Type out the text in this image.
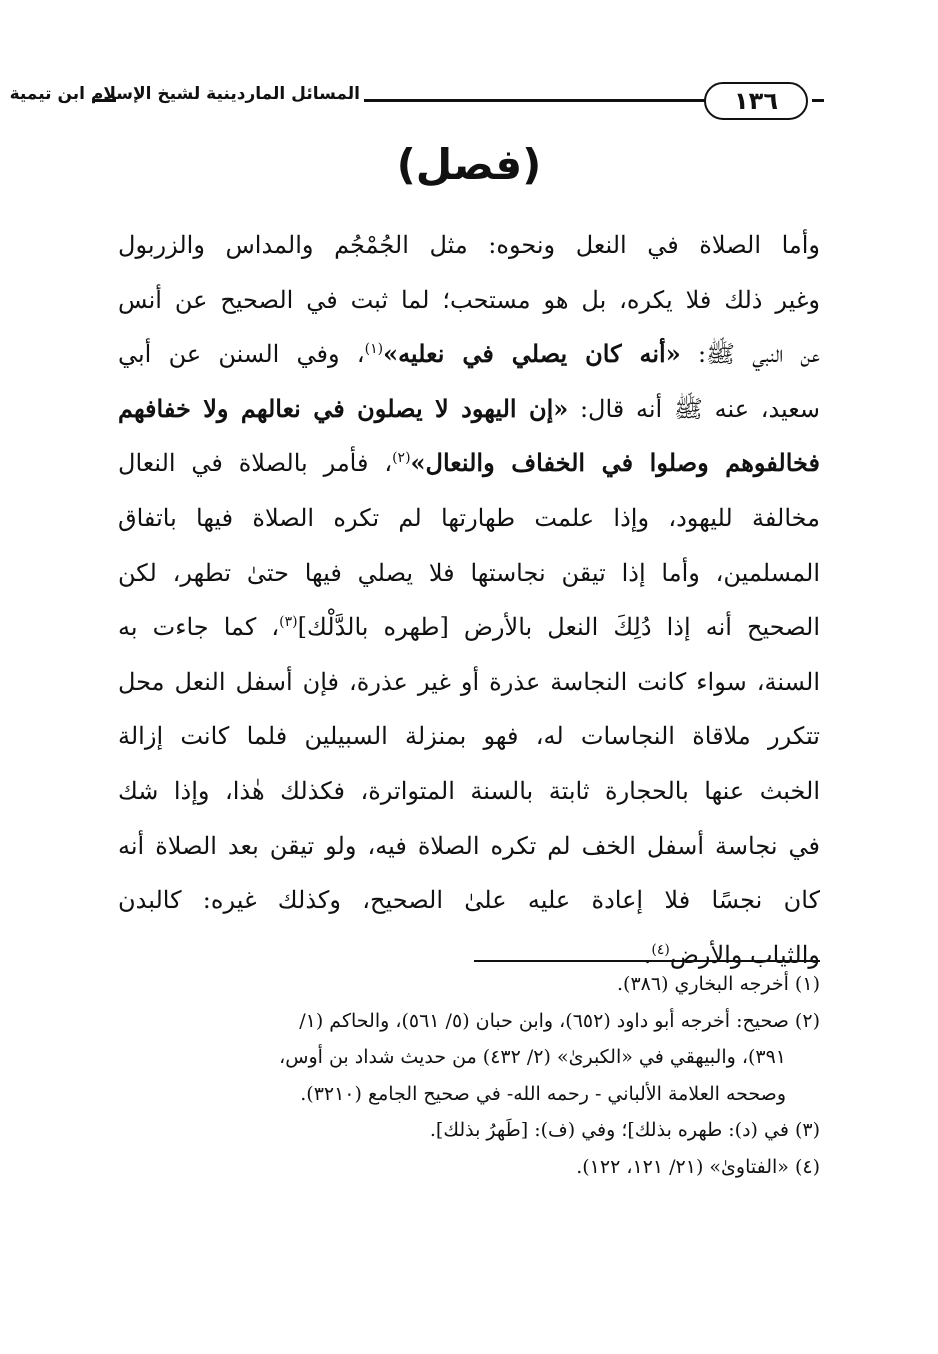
المسائل الماردينية لشيخ الإسلام ابن تيمية	١٣٦
(فصل)
وأما الصلاة في النعل ونحوه: مثل الجُمْجُم والمداس والزربول
وغير ذلك فلا يكره، بل هو مستحب؛ لما ثبت في الصحيح عن أنس
عن النبي ﷺ: «أنه كان يصلي في نعليه»$^{(١)}$، وفي السنن عن أبي
سعيد، عنه ﷺ أنه قال: «إن اليهود لا يصلون في نعالهم ولا خفافهم
فخالفوهم وصلوا في الخفاف والنعال»$^{(٢)}$، فأمر بالصلاة في النعال
مخالفة لليهود، وإذا علمت طهارتها لم تكره الصلاة فيها باتفاق
المسلمين، وأما إذا تيقن نجاستها فلا يصلي فيها حتىٰ تطهر، لكن
الصحيح أنه إذا دُلِكَ النعل بالأرض [طهره بالدَّلْك]$^{(٣)}$، كما جاءت به
السنة، سواء كانت النجاسة عذرة أو غير عذرة، فإن أسفل النعل محل
تتكرر ملاقاة النجاسات له، فهو بمنزلة السبيلين فلما كانت إزالة
الخبث عنها بالحجارة ثابتة بالسنة المتواترة، فكذلك هٰذا، وإذا شك
في نجاسة أسفل الخف لم تكره الصلاة فيه، ولو تيقن بعد الصلاة أنه
كان نجسًا فلا إعادة عليه علىٰ الصحيح، وكذلك غيره: كالبدن
والثياب والأرض$^{(٤)}$.
(١) أخرجه البخاري (٣٨٦).
(٢) صحيح: أخرجه أبو داود (٦٥٢)، وابن حبان (٥/ ٥٦١)، والحاكم (١/
٣٩١)، والبيهقي في «الكبرىٰ» (٢/ ٤٣٢) من حديث شداد بن أوس،
وصححه العلامة الألباني - رحمه الله- في صحيح الجامع (٣٢١٠).
(٣) في (د): طهره بذلك]؛ وفي (ف): [طَهرُ بذلك].
(٤) «الفتاوىٰ» (٢١/ ١٢١، ١٢٢).
